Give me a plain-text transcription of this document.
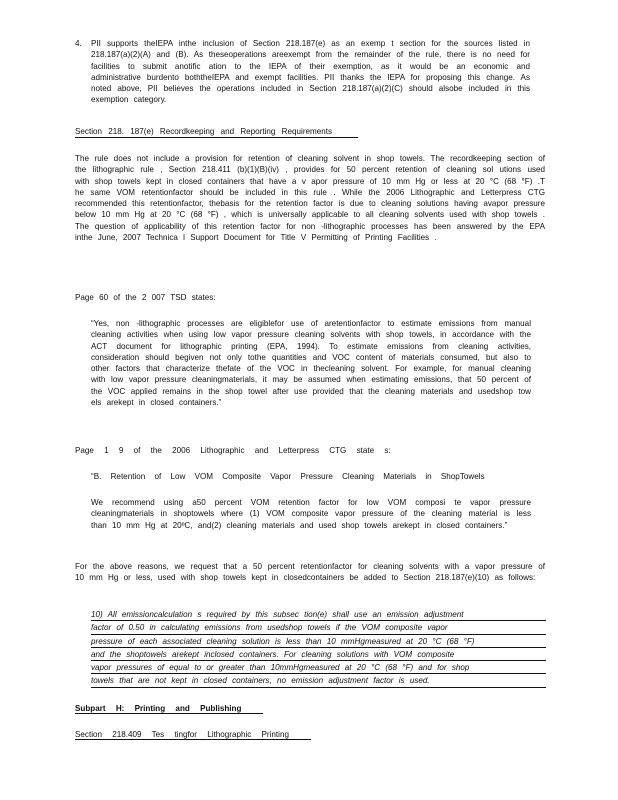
4. PII supports theIEPA inthe inclusion of Section 218.187(e) as an exemp t section for the sources listed in 218.187(a)(2)(A) and (B). As theseoperations areexempt from the remainder of the rule, there is no need for facilities to submit anotific ation to the IEPA of their exemption, as it would be an economic and administrative burdento boththeIEPA and exempt facilities. PII thanks the IEPA for proposing this change. As noted above, PII believes the operations included in Section 218.187(a)(2)(C) should alsobe included in this exemption category.

Section 218. 187(e) Recordkeeping and Reporting Requirements

The rule does not include a provision for retention of cleaning solvent in shop towels. The recordkeeping section of the lithographic rule , Section 218.411 (b)(1)(B)(iv) , provides for 50 percent retention of cleaning sol utions used with shop towels kept in closed containers that have a v apor pressure of 10 mm Hg or less at 20 °C (68 °F) .T he same VOM retentionfactor should be included in this rule . While the 2006 Lithographic and Letterpress CTG recommended this retentionfactor, thebasis for the retention factor is due to cleaning solutions having avapor pressure below 10 mm Hg at 20 °C (68 °F) , which is universally applicable to all cleaning solvents used with shop towels . The question of applicability of this retention factor for non -lithographic processes has been answered by the EPA inthe June, 2007 Technica l Support Document for Title V Permitting of Printing Facilities .

Page 60 of the 2 007 TSD states:

“Yes, non -lithographic processes are eligiblefor use of aretentionfactor to estimate emissions from manual cleaning activities when using low vapor pressure cleaning solvents with shop towels, in accordance with the ACT document for lithographic printing (EPA, 1994). To estimate emissions from cleaning activities, consideration should begiven not only tothe quantities and VOC content of materials consumed, but also to other factors that characterize thefate of the VOC in thecleaning solvent. For example, for manual cleaning with low vapor pressure cleaningmaterials, it may be assumed when estimating emissions, that 50 percent of the VOC applied remains in the shop towel after use provided that the cleaning materials and usedshop tow els arekept in closed containers.”

Page 1 9 of the 2006 Lithographic and Letterpress CTG state s:

“B. Retention of Low VOM Composite Vapor Pressure Cleaning Materials in ShopTowels

We recommend using a50 percent VOM retention factor for low VOM composi te vapor pressure cleaningmaterials in shoptowels where (1) VOM composite vapor pressure of the cleaning material is less than 10 mm Hg at 20ºC, and(2) cleaning materials and used shop towels arekept in closed containers.”

For the above reasons, we request that a 50 percent retentionfactor for cleaning solvents with a vapor pressure of 10 mm Hg or less, used with shop towels kept in closedcontainers be added to Section 218.187(e)(10) as follows:

10) All emissioncalculation s required by this subsec tion(e) shall use an emission adjustment

factor of 0.50 in calculating emissions from usedshop towels if the VOM composite vapor

pressure of each associated cleaning solution is less than 10 mmHgmeasured at 20 °C (68 °F)

and the shoptowels arekept inclosed containers. For cleaning solutions with VOM composite

vapor pressures of equal to or greater than 10mmHgmeasured at 20 °C (68 °F) and for shop

towels that are not kept in closed containers, no emission adjustment factor is used.

Subpart H: Printing and Publishing
Section 218.409 Tes tingfor Lithographic Printing
